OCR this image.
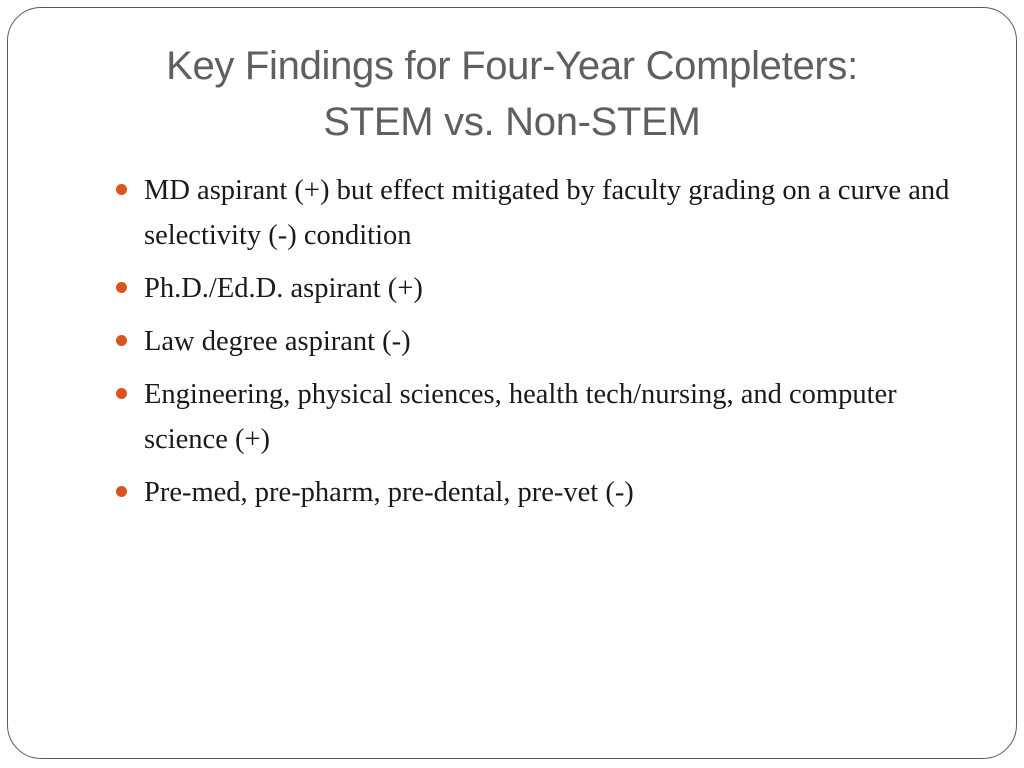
Key Findings for Four-Year Completers:
STEM vs. Non-STEM
MD aspirant (+) but effect mitigated by faculty grading on a curve and selectivity (-) condition
Ph.D./Ed.D. aspirant (+)
Law degree aspirant (-)
Engineering, physical sciences, health tech/nursing, and computer science (+)
Pre-med, pre-pharm, pre-dental, pre-vet (-)
